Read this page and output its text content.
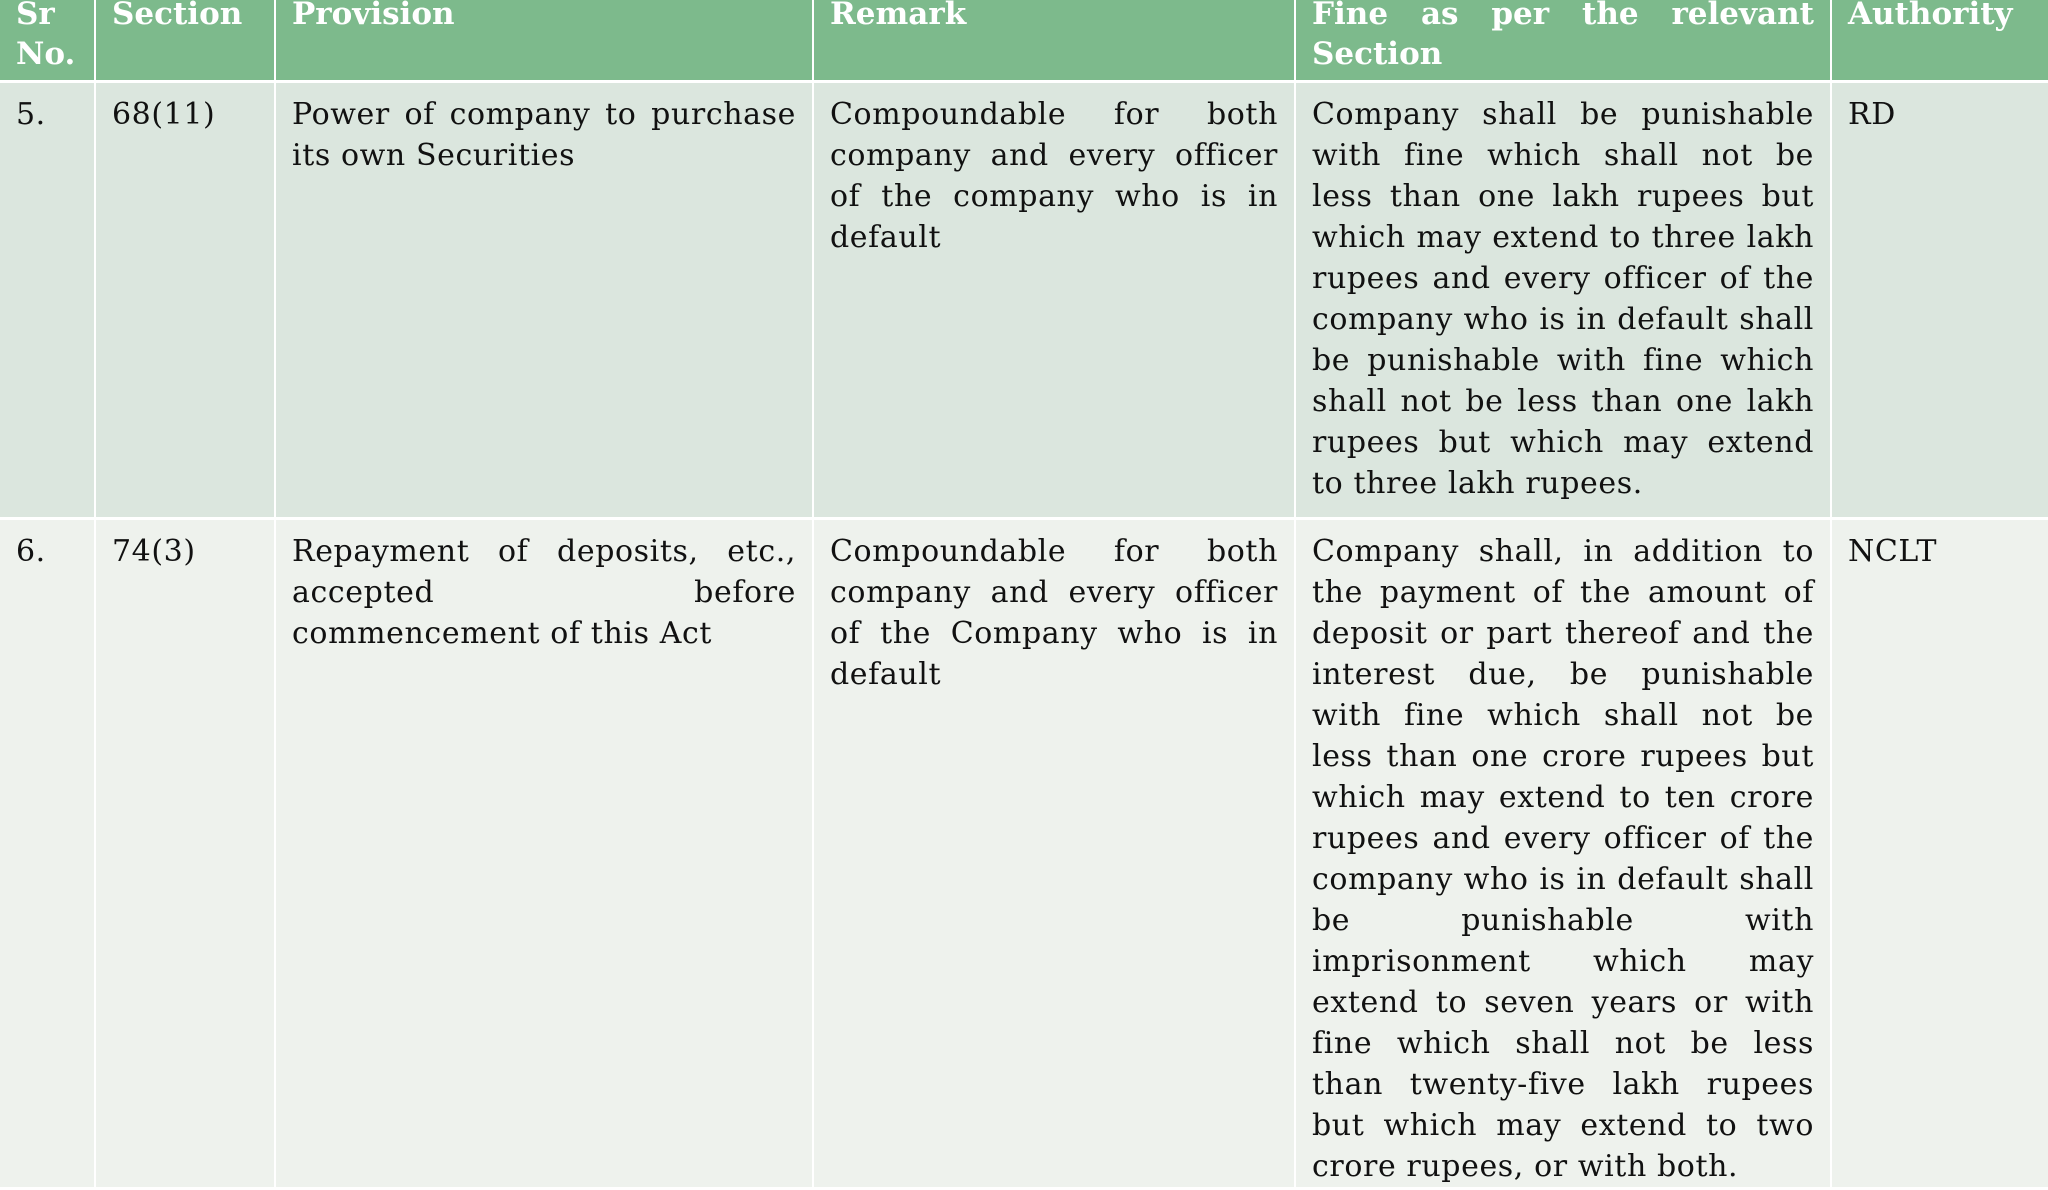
Sr No.	Section	Provision	Remark	Fine as per the relevant Section	Authority

5.	68(11)	Power of company to purchase its own Securities	Compoundable for both company and every officer of the company who is in default	Company shall be punishable with fine which shall not be less than one lakh rupees but which may extend to three lakh rupees and every officer of the company who is in default shall be punishable with fine which shall not be less than one lakh rupees but which may extend to three lakh rupees.	RD
6.	74(3)	Repayment of deposits, etc., accepted before commencement of this Act	Compoundable for both company and every officer of the Company who is in default	Company shall, in addition to the payment of the amount of deposit or part thereof and the interest due, be punishable with fine which shall not be less than one crore rupees but which may extend to ten crore rupees and every officer of the company who is in default shall be punishable with imprisonment which may extend to seven years or with fine which shall not be less than twenty-five lakh rupees but which may extend to two crore rupees, or with both.	NCLT
